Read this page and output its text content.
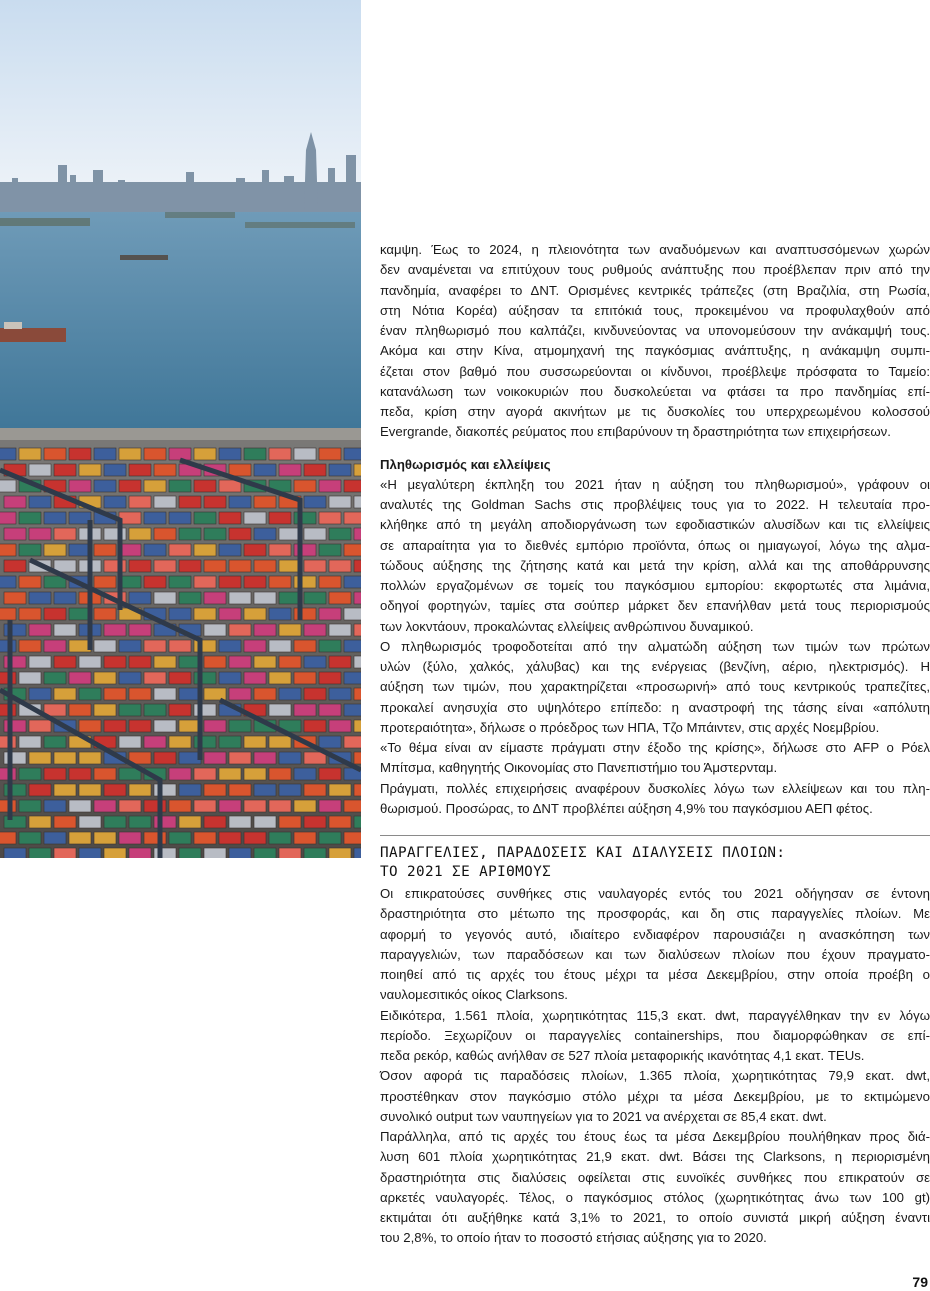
καμψη. Έως το 2024, η πλειονότητα των αναδυόμενων και αναπτυσσόμενων χωρών

δεν αναμένεται να επιτύχουν τους ρυθμούς ανάπτυξης που προέβλεπαν πριν από την

πανδημία, αναφέρει το ΔΝΤ. Ορισμένες κεντρικές τράπεζες (στη Βραζιλία, στη Ρωσία,

στη Νότια Κορέα) αύξησαν τα επιτόκιά τους, προκειμένου να προφυλαχθούν από

έναν πληθωρισμό που καλπάζει, κινδυνεύοντας να υπονομεύσουν την ανάκαμψή τους.

Ακόμα και στην Κίνα, ατμομηχανή της παγκόσμιας ανάπτυξης, η ανάκαμψη συμπι-

έζεται στον βαθμό που συσσωρεύονται οι κίνδυνοι, προέβλεψε πρόσφατα το Ταμείο:

κατανάλωση των νοικοκυριών που δυσκολεύεται να φτάσει τα προ πανδημίας επί-

πεδα, κρίση στην αγορά ακινήτων με τις δυσκολίες του υπερχρεωμένου κολοσσού

Evergrande, διακοπές ρεύματος που επιβαρύνουν τη δραστηριότητα των επιχειρήσεων.

Πληθωρισμός και ελλείψεις

«Η μεγαλύτερη έκπληξη του 2021 ήταν η αύξηση του πληθωρισμού», γράφουν οι

αναλυτές της Goldman Sachs στις προβλέψεις τους για το 2022. Η τελευταία προ-

κλήθηκε από τη μεγάλη αποδιοργάνωση των εφοδιαστικών αλυσίδων και τις ελλείψεις

σε απαραίτητα για το διεθνές εμπόριο προϊόντα, όπως οι ημιαγωγοί, λόγω της αλμα-

τώδους αύξησης της ζήτησης κατά και μετά την κρίση, αλλά και της αποθάρρυνσης

πολλών εργαζομένων σε τομείς του παγκόσμιου εμπορίου: εκφορτωτές στα λιμάνια,

οδηγοί φορτηγών, ταμίες στα σούπερ μάρκετ δεν επανήλθαν μετά τους περιορισμούς

των λοκντάουν, προκαλώντας ελλείψεις ανθρώπινου δυναμικού.

Ο πληθωρισμός τροφοδοτείται από την αλματώδη αύξηση των τιμών των πρώτων

υλών (ξύλο, χαλκός, χάλυβας) και της ενέργειας (βενζίνη, αέριο, ηλεκτρισμός). Η

αύξηση των τιμών, που χαρακτηρίζεται «προσωρινή» από τους κεντρικούς τραπεζίτες,

προκαλεί ανησυχία στο υψηλότερο επίπεδο: η αναστροφή της τάσης είναι «απόλυτη

προτεραιότητα», δήλωσε ο πρόεδρος των ΗΠΑ, Τζο Μπάιντεν, στις αρχές Νοεμβρίου.

«Το θέμα είναι αν είμαστε πράγματι στην έξοδο της κρίσης», δήλωσε στο AFP ο Ρόελ

Μπίτσμα, καθηγητής Οικονομίας στο Πανεπιστήμιο του Άμστερνταμ.

Πράγματι, πολλές επιχειρήσεις αναφέρουν δυσκολίες λόγω των ελλείψεων και του πλη-

θωρισμού. Προσώρας, το ΔΝΤ προβλέπει αύξηση 4,9% του παγκόσμιου ΑΕΠ φέτος.

ΠΑΡΑΓΓΕΛΙΕΣ, ΠΑΡΑΔΟΣΕΙΣ ΚΑΙ ΔΙΑΛΥΣΕΙΣ ΠΛΟΙΩΝ:

ΤΟ 2021 ΣΕ ΑΡΙΘΜΟΥΣ

Οι επικρατούσες συνθήκες στις ναυλαγορές εντός του 2021 οδήγησαν σε έντονη

δραστηριότητα στο μέτωπο της προσφοράς, και δη στις παραγγελίες πλοίων. Με

αφορμή το γεγονός αυτό, ιδιαίτερο ενδιαφέρον παρουσιάζει η ανασκόπηση των

παραγγελιών, των παραδόσεων και των διαλύσεων πλοίων που έχουν πραγματο-

ποιηθεί από τις αρχές του έτους μέχρι τα μέσα Δεκεμβρίου, στην οποία προέβη ο

ναυλομεσιτικός οίκος Clarksons.

Ειδικότερα, 1.561 πλοία, χωρητικότητας 115,3 εκατ. dwt, παραγγέλθηκαν την εν λόγω

περίοδο. Ξεχωρίζουν οι παραγγελίες containerships, που διαμορφώθηκαν σε επί-

πεδα ρεκόρ, καθώς ανήλθαν σε 527 πλοία μεταφορικής ικανότητας 4,1 εκατ. TEUs.

Όσον αφορά τις παραδόσεις πλοίων, 1.365 πλοία, χωρητικότητας 79,9 εκατ. dwt,

προστέθηκαν στον παγκόσμιο στόλο μέχρι τα μέσα Δεκεμβρίου, με το εκτιμώμενο

συνολικό output των ναυπηγείων για το 2021 να ανέρχεται σε 85,4 εκατ. dwt.

Παράλληλα, από τις αρχές του έτους έως τα μέσα Δεκεμβρίου πουλήθηκαν προς διά-

λυση 601 πλοία χωρητικότητας 21,9 εκατ. dwt. Βάσει της Clarksons, η περιορισμένη

δραστηριότητα στις διαλύσεις οφείλεται στις ευνοϊκές συνθήκες που επικρατούν σε

αρκετές ναυλαγορές. Τέλος, ο παγκόσμιος στόλος (χωρητικότητας άνω των 100 gt)

εκτιμάται ότι αυξήθηκε κατά 3,1% το 2021, το οποίο συνιστά μικρή αύξηση έναντι

του 2,8%, το οποίο ήταν το ποσοστό ετήσιας αύξησης για το 2020.

79
